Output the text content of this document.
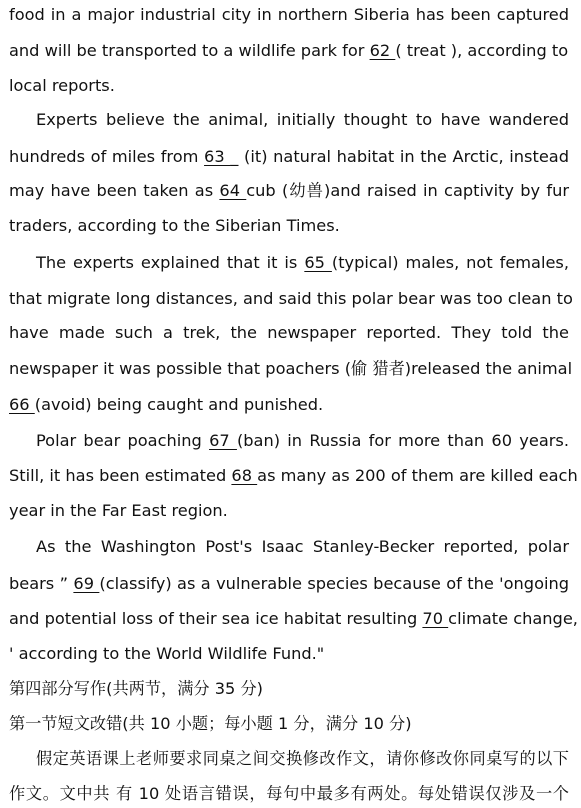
food in a major industrial city in northern Siberia has been captured
and will be transported to a wildlife park for 62 ( treat ), according to
local reports.
Experts believe the animal, initially thought to have wandered
hundreds of miles from 63 _ (it) natural habitat in the Arctic, instead
may have been taken as 64 cub (幼兽)and raised in captivity by fur
traders, according to the Siberian Times.
The experts explained that it is 65 (typical) males, not females,
that migrate long distances, and said this polar bear was too clean to
have made such a trek, the newspaper reported. They told the
newspaper it was possible that poachers (偷 猎者)released the animal
66 (avoid) being caught and punished.
Polar bear poaching 67 (ban) in Russia for more than 60 years.
Still, it has been estimated 68 as many as 200 of them are killed each
year in the Far East region.
As the Washington Post's Isaac Stanley-Becker reported, polar
bears ” 69 (classify) as a vulnerable species because of the 'ongoing
and potential loss of their sea ice habitat resulting 70 climate change,
' according to the World Wildlife Fund."
第四部分写作(共两节，满分 35 分)
第一节短文改错(共 10 小题；每小题 1 分，满分 10 分)
假定英语课上老师要求同桌之间交换修改作文，请你修改你同桌写的以下
作文。文中共 有 10 处语言错误，每句中最多有两处。每处错误仅涉及一个
